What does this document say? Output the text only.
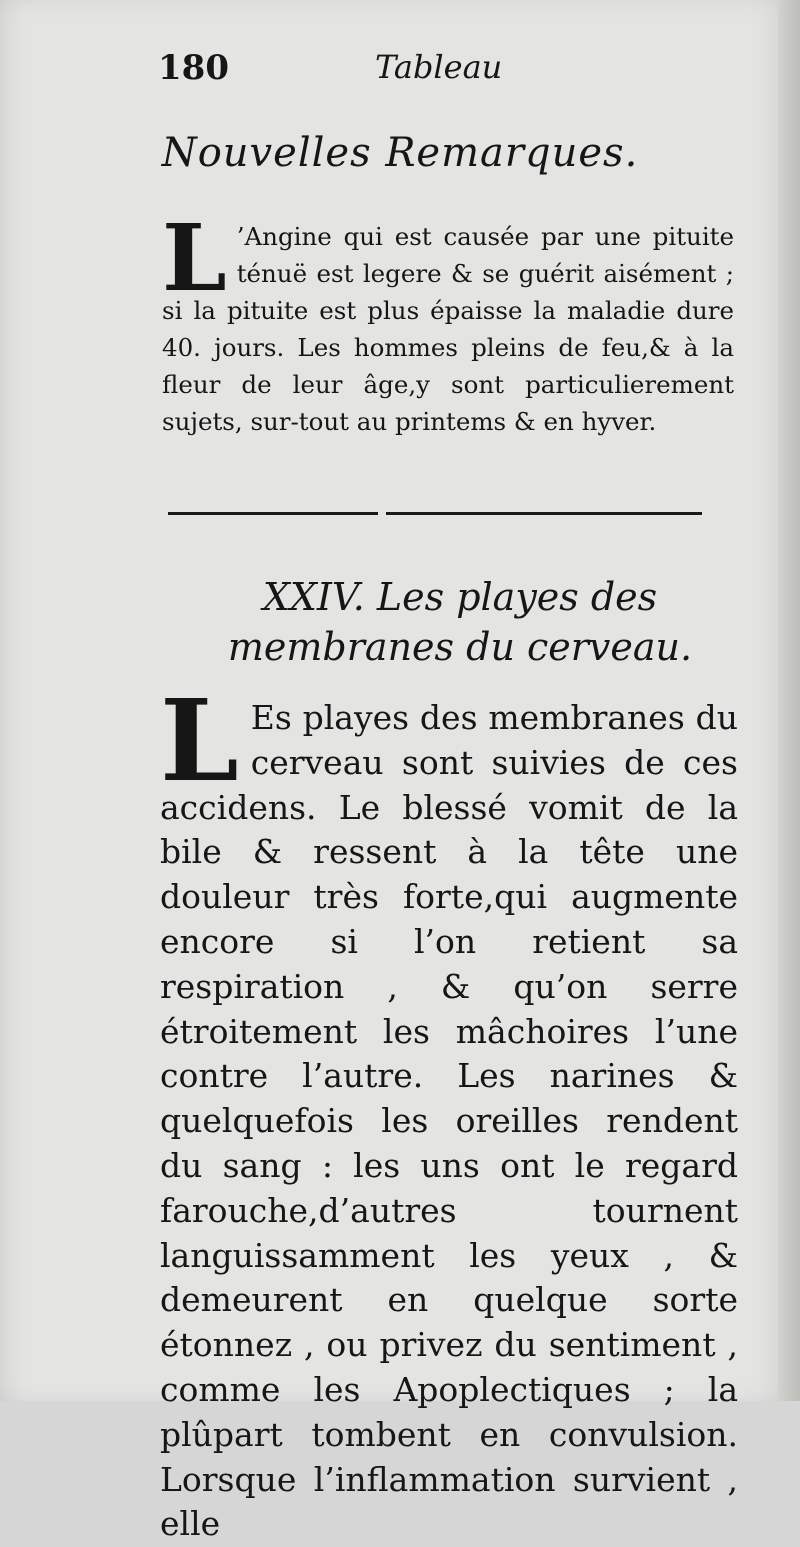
180	Tableau
Nouvelles Remarques.
L ’Angine qui est causée par une pituite ténuë est legere & se guérit aisément ; si la pituite est plus épaisse la maladie dure 40. jours. Les hommes pleins de feu,& à la fleur de leur âge,y sont particulierement sujets, sur-tout au printems & en hyver.
XXIV. Les playes des membranes du cerveau.
L Es playes des membranes du cerveau sont suivies de ces accidens. Le blessé vomit de la bile & ressent à la tête une douleur très forte,qui augmente encore si l’on retient sa respiration , & qu’on serre étroitement les mâchoires l’une contre l’autre. Les narines & quelquefois les oreilles rendent du sang : les uns ont le regard farouche,d’autres tournent languissamment les yeux , & demeurent en quelque sorte étonnez , ou privez du sentiment , comme les Apoplectiques ; la plûpart tombent en convulsion. Lorsque l’inflammation survient , elle
